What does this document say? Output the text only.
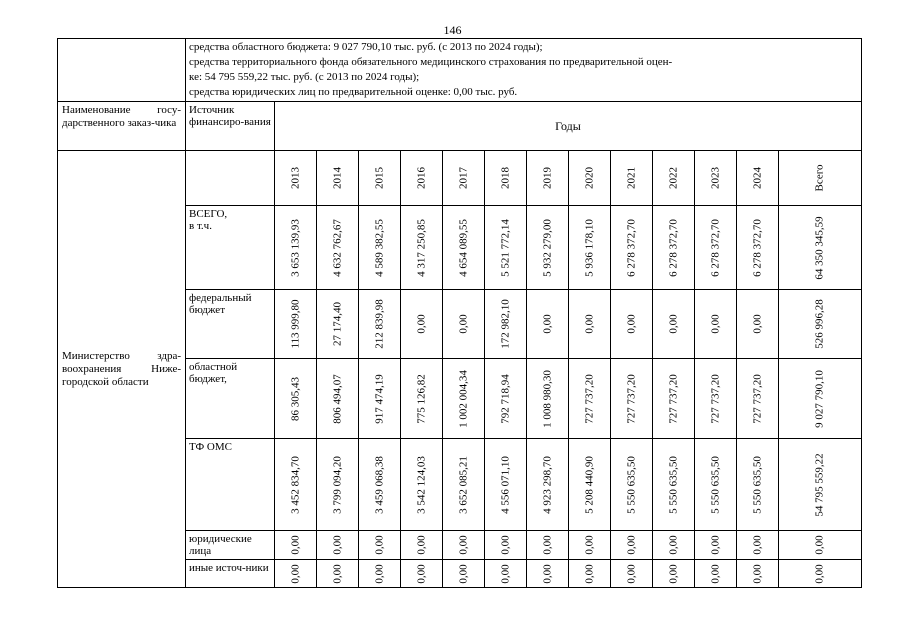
146

	средства областного бюджета: 9 027 790,10 тыс. руб. (с 2013 по 2024 годы);
средства территориального фонда обязательного медицинского страхования по предварительной оцен-
ке: 54 795 559,22 тыс. руб. (с 2013 по 2024 годы);
средства юридических лиц по предварительной оценке: 0,00 тыс. руб.													

Наименование госу-дарственного заказ-чика	Источник финансиро-вания	Годы												
Министерство здра-воохранения Ниже-городской области		2013	2014	2015	2016	2017	2018	2019	2020	2021	2022	2023	2024	Всего

	ВСЕГО,
в т.ч.	3 653 139,93	4 632 762,67	4 589 382,55	4 317 250,85	4 654 089,55	5 521 772,14	5 932 279,00	5 936 178,10	6 278 372,70	6 278 372,70	6 278 372,70	6 278 372,70	64 350 345,59

	федеральный бюджет	113 999,80	27 174,40	212 839,98	0,00	0,00	172 982,10	0,00	0,00	0,00	0,00	0,00	0,00	526 996,28

	областной бюджет,	86 305,43	806 494,07	917 474,19	775 126,82	1 002 004,34	792 718,94	1 008 980,30	727 737,20	727 737,20	727 737,20	727 737,20	727 737,20	9 027 790,10

	ТФ ОМС	3 452 834,70	3 799 094,20	3 459 068,38	3 542 124,03	3 652 085,21	4 556 071,10	4 923 298,70	5 208 440,90	5 550 635,50	5 550 635,50	5 550 635,50	5 550 635,50	54 795 559,22

	юридические лица	0,00	0,00	0,00	0,00	0,00	0,00	0,00	0,00	0,00	0,00	0,00	0,00	0,00

	иные источ-ники	0,00	0,00	0,00	0,00	0,00	0,00	0,00	0,00	0,00	0,00	0,00	0,00	0,00
